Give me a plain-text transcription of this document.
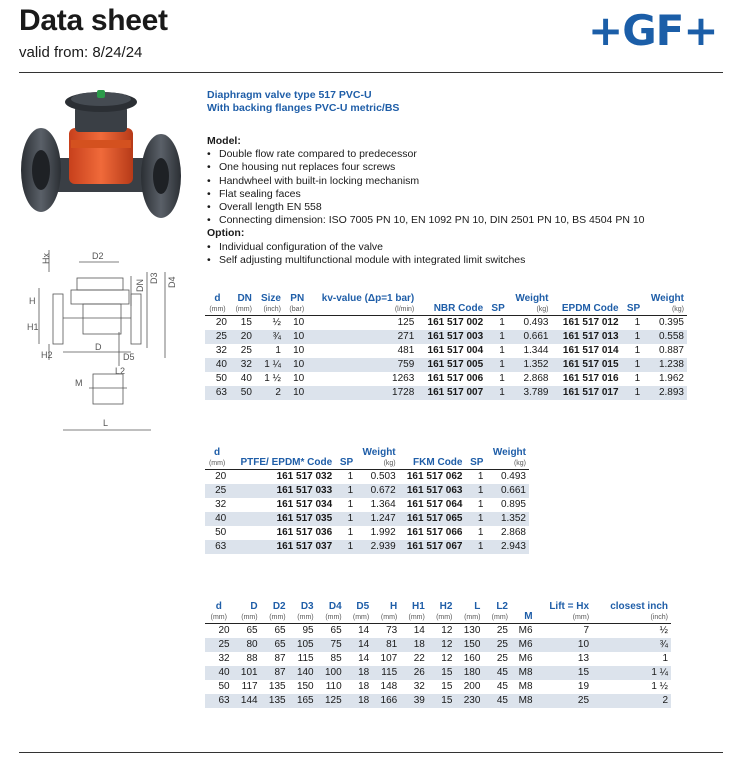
Data sheet
valid from: 8/24/24	+GF+
Hx	D2
DN
D3 D4
H
H1
H2
D
D5
M
L2
L
Diaphragm valve type 517 PVC-U
With backing flanges PVC-U metric/BS
Model:
• Double flow rate compared to predecessor
• One housing nut replaces four screws
• Handwheel with built-in locking mechanism
• Flat sealing faces
• Overall length EN 558
• Connecting dimension: ISO 7005 PN 10, EN 1092 PN 10, DIN 2501 PN 10, BS 4504 PN 10
Option:
• Individual configuration of the valve
• Self adjusting multifunctional module with integrated limit switches
d
(mm)	DN
(mm)	Size
(inch)	PN
(bar)	kv-value (Δp=1 bar)
(l/min)	NBR Code	SP	Weight
(kg)	EPDM Code	SP	Weight
(kg)

20	15	½	10	125	161 517 002	1	0.493	161 517 012	1	0.395
25	20	¾	10	271	161 517 003	1	0.661	161 517 013	1	0.558
32	25	1	10	481	161 517 004	1	1.344	161 517 014	1	0.887
40	32	1 ¼	10	759	161 517 005	1	1.352	161 517 015	1	1.238
50	40	1 ½	10	1263	161 517 006	1	2.868	161 517 016	1	1.962
63	50	2	10	1728	161 517 007	1	3.789	161 517 017	1	2.893
d
(mm)	PTFE/ EPDM* Code	SP	Weight
(kg)	FKM Code	SP	Weight
(kg)

20	161 517 032	1	0.503	161 517 062	1	0.493
25	161 517 033	1	0.672	161 517 063	1	0.661
32	161 517 034	1	1.364	161 517 064	1	0.895
40	161 517 035	1	1.247	161 517 065	1	1.352
50	161 517 036	1	1.992	161 517 066	1	2.868
63	161 517 037	1	2.939	161 517 067	1	2.943
d
(mm)	D
(mm)	D2
(mm)	D3
(mm)	D4
(mm)	D5
(mm)	H
(mm)	H1
(mm)	H2
(mm)	L
(mm)	L2
(mm)	M	Lift = Hx
(mm)	closest inch
(inch)

20	65	65	95	65	14	73	14	12	130	25	M6	7	½
25	80	65	105	75	14	81	18	12	150	25	M6	10	¾
32	88	87	115	85	14	107	22	12	160	25	M6	13	1
40	101	87	140	100	18	115	26	15	180	45	M8	15	1 ¼
50	117	135	150	110	18	148	32	15	200	45	M8	19	1 ½
63	144	135	165	125	18	166	39	15	230	45	M8	25	2
